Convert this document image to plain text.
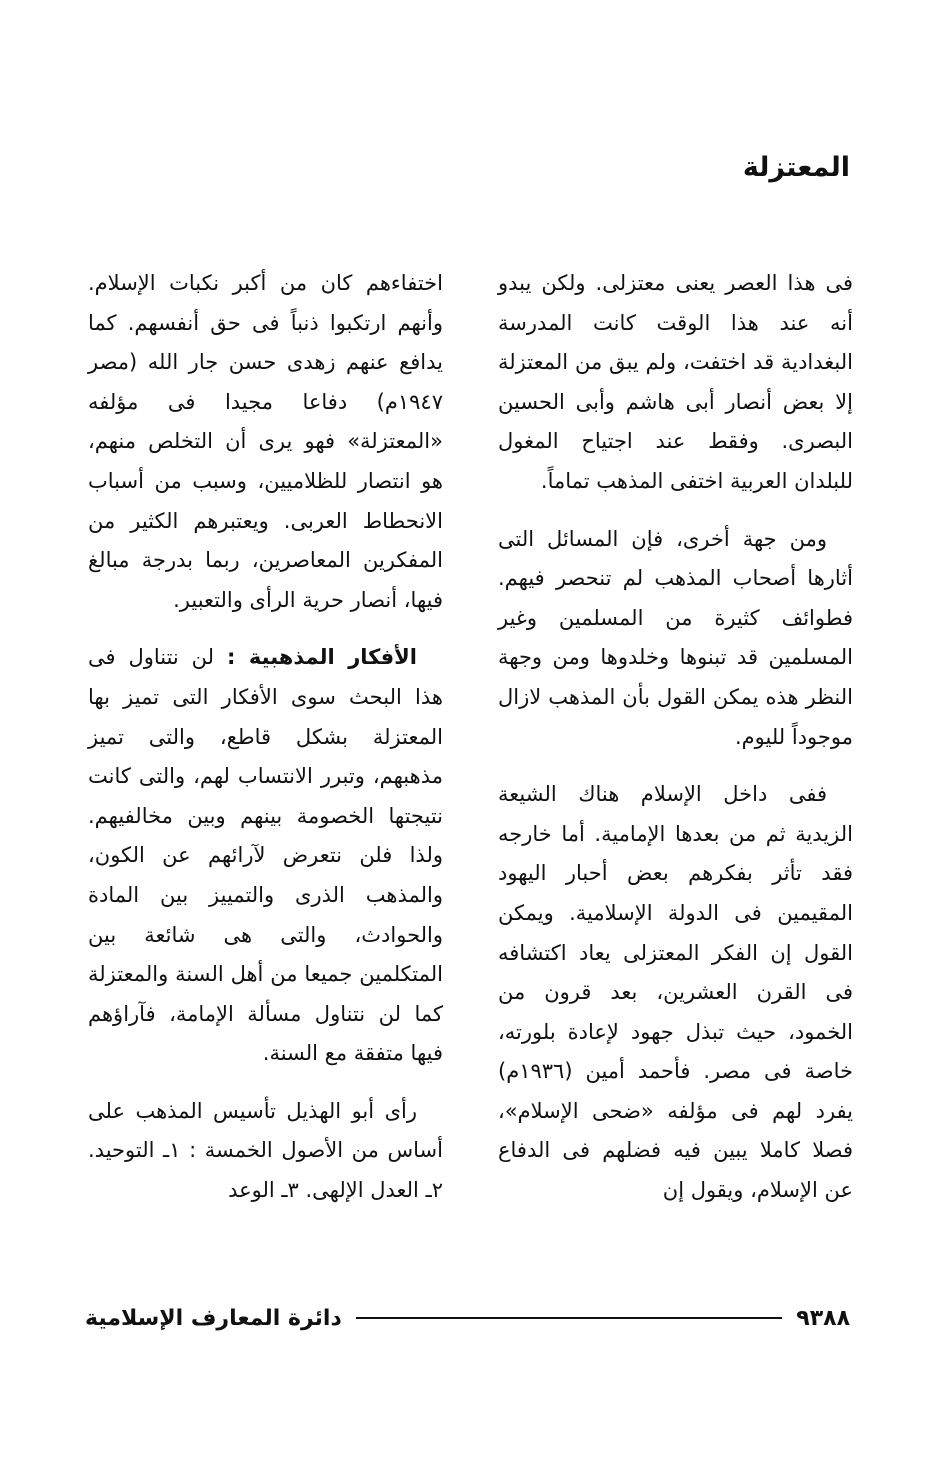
المعتزلة

فى هذا العصر يعنى معتزلى. ولكن يبدو أنه عند هذا الوقت كانت المدرسة البغدادية قد اختفت، ولم يبق من المعتزلة إلا بعض أنصار أبى هاشم وأبى الحسين البصرى. وفقط عند اجتياح المغول للبلدان العربية اختفى المذهب تماماً.

ومن جهة أخرى، فإن المسائل التى أثارها أصحاب المذهب لم تنحصر فيهم. فطوائف كثيرة من المسلمين وغير المسلمين قد تبنوها وخلدوها ومن وجهة النظر هذه يمكن القول بأن المذهب لازال موجوداً لليوم.

ففى داخل الإسلام هناك الشيعة الزيدية ثم من بعدها الإمامية. أما خارجه فقد تأثر بفكرهم بعض أحبار اليهود المقيمين فى الدولة الإسلامية. ويمكن القول إن الفكر المعتزلى يعاد اكتشافه فى القرن العشرين، بعد قرون من الخمود، حيث تبذل جهود لإعادة بلورته، خاصة فى مصر. فأحمد أمين (١٩٣٦م) يفرد لهم فى مؤلفه «ضحى الإسلام»، فصلا كاملا يبين فيه فضلهم فى الدفاع عن الإسلام، ويقول إن

اختفاءهم كان من أكبر نكبات الإسلام. وأنهم ارتكبوا ذنباً فى حق أنفسهم. كما يدافع عنهم زهدى حسن جار الله (مصر ١٩٤٧م) دفاعا مجيدا فى مؤلفه «المعتزلة» فهو يرى أن التخلص منهم، هو انتصار للظلاميين، وسبب من أسباب الانحطاط العربى. ويعتبرهم الكثير من المفكرين المعاصرين، ربما بدرجة مبالغ فيها، أنصار حرية الرأى والتعبير.

الأفكار المذهبية : لن نتناول فى هذا البحث سوى الأفكار التى تميز بها المعتزلة بشكل قاطع، والتى تميز مذهبهم، وتبرر الانتساب لهم، والتى كانت نتيجتها الخصومة بينهم وبين مخالفيهم. ولذا فلن نتعرض لآرائهم عن الكون، والمذهب الذرى والتمييز بين المادة والحوادث، والتى هى شائعة بين المتكلمين جميعا من أهل السنة والمعتزلة كما لن نتناول مسألة الإمامة، فآراؤهم فيها متفقة مع السنة.

رأى أبو الهذيل تأسيس المذهب على أساس من الأصول الخمسة : ١ـ التوحيد. ٢ـ العدل الإلهى. ٣ـ الوعد

٩٣٨٨
دائرة المعارف الإسلامية
